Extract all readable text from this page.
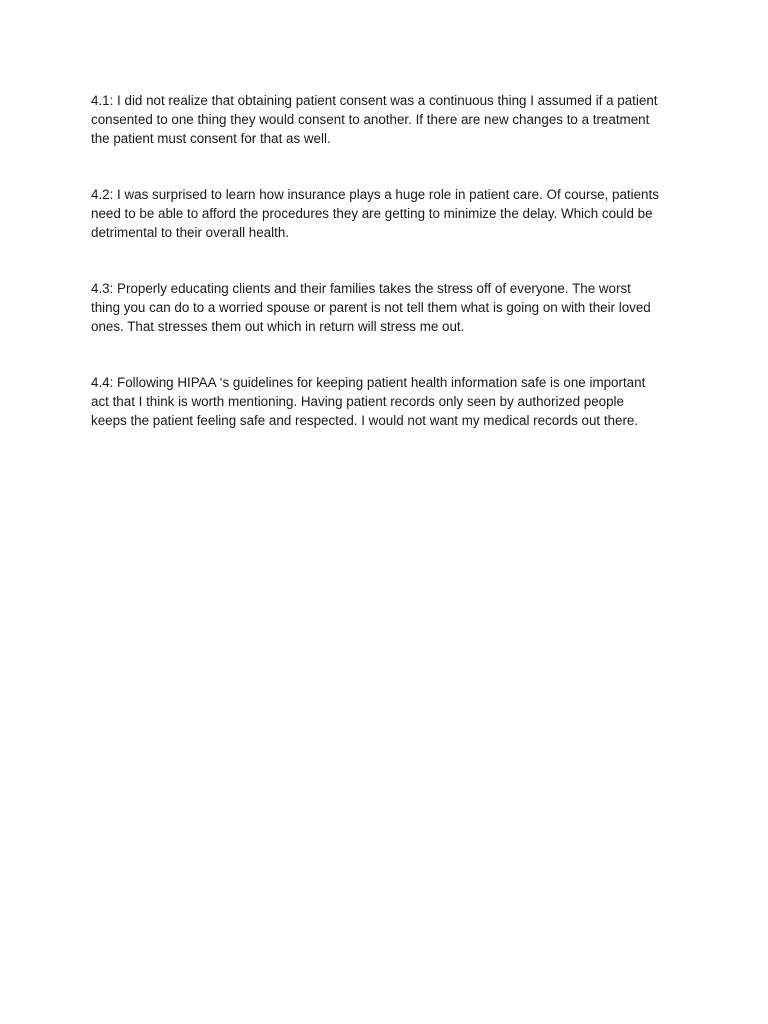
4.1: I did not realize that obtaining patient consent was a continuous thing I assumed if a patient
consented to one thing they would consent to another. If there are new changes to a treatment
the patient must consent for that as well.

4.2: I was surprised to learn how insurance plays a huge role in patient care. Of course, patients
need to be able to afford the procedures they are getting to minimize the delay. Which could be
detrimental to their overall health.

4.3: Properly educating clients and their families takes the stress off of everyone. The worst
thing you can do to a worried spouse or parent is not tell them what is going on with their loved
ones. That stresses them out which in return will stress me out.

4.4: Following HIPAA ‘s guidelines for keeping patient health information safe is one important
act that I think is worth mentioning. Having patient records only seen by authorized people
keeps the patient feeling safe and respected. I would not want my medical records out there.
